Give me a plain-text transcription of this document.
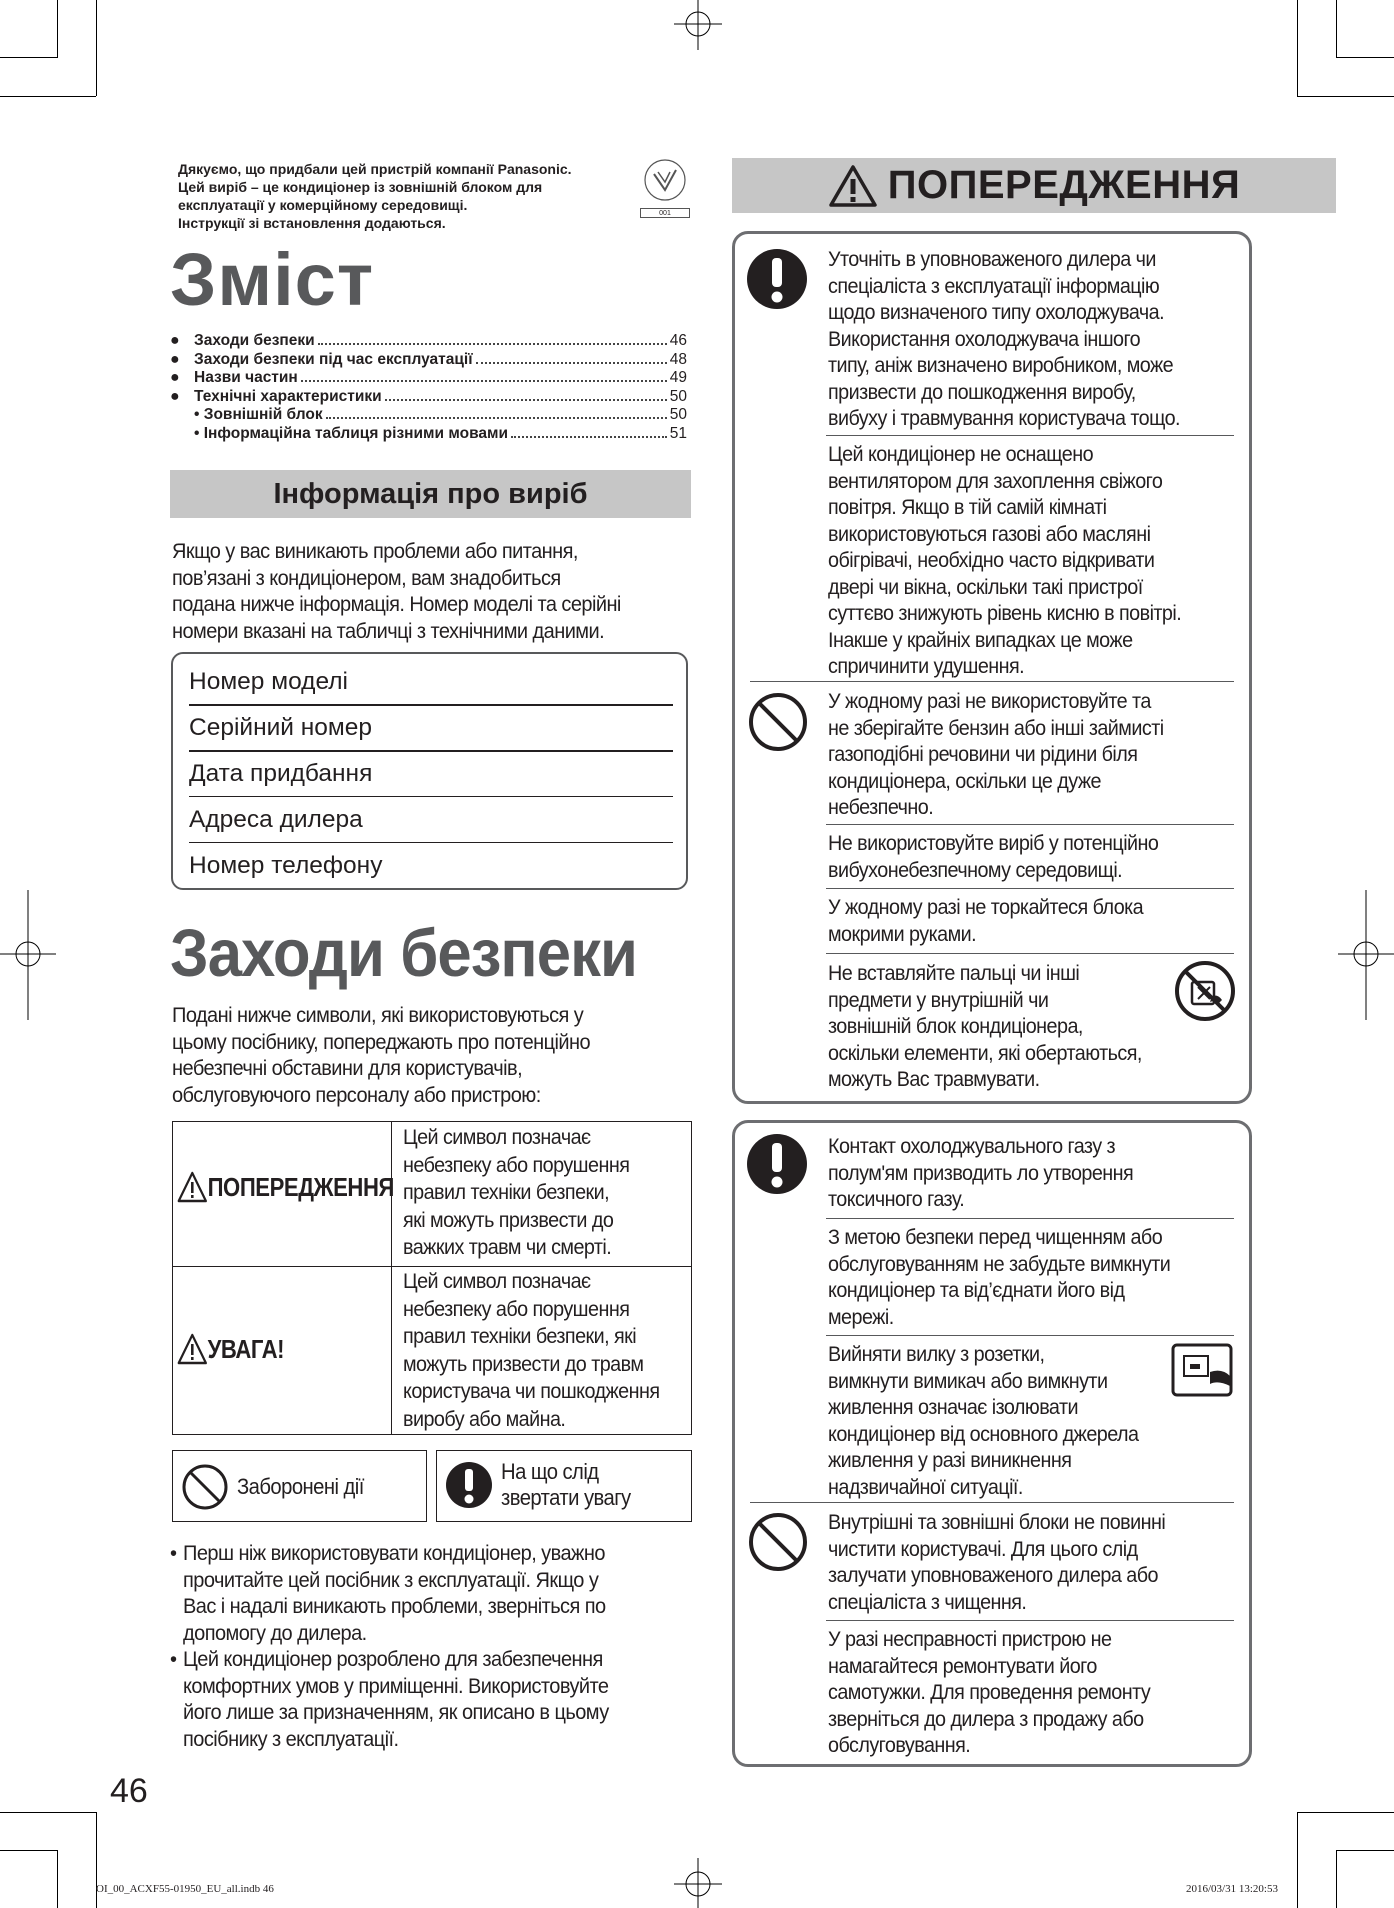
Дякуємо, що придбали цей пристрій компанії Panasonic.
Цей виріб – це кондиціонер із зовнішній блоком для
експлуатації у комерційному середовищі.
Інструкції зі встановлення додаються.
001
Зміст
● Заходи безпеки	46
● Заходи безпеки під час експлуатації	48
● Назви частин	49
● Технічні характеристики	50
• Зовнішній блок	50
• Інформаційна таблиця різними мовами	51
Інформація про виріб
Якщо у вас виникають проблеми або питання,
пов’язані з кондиціонером, вам знадобиться
подана нижче інформація. Номер моделі та серійні
номери вказані на табличці з технічними даними.
Номер моделі
Серійний номер
Дата придбання
Адреса дилера
Номер телефону
Заходи безпеки
Подані нижче символи, які використовуються у
цьому посібнику, попереджають про потенційно
небезпечні обставини для користувачів,
обслуговуючого персоналу або пристрою:
ПОПЕРЕДЖЕННЯ
Цей символ позначає
небезпеку або порушення
правил техніки безпеки,
які можуть призвести до
важких травм чи смерті.
УВАГА!
Цей символ позначає
небезпеку або порушення
правил техніки безпеки, які
можуть призвести до травм
користувача чи пошкодження
виробу або майна.
Заборонені дії
На що слід
звертати увагу
• Перш ніж використовувати кондиціонер, уважно
прочитайте цей посібник з експлуатації. Якщо у
Вас і надалі виникають проблеми, зверніться по
допомогу до дилера.
• Цей кондиціонер розроблено для забезпечення
комфортних умов у приміщенні. Використовуйте
його лише за призначенням, як описано в цьому
посібнику з експлуатації.
46
ПОПЕРЕДЖЕННЯ
Уточніть в уповноваженого дилера чи
спеціаліста з експлуатації інформацію
щодо визначеного типу охолоджувача.
Використання охолоджувача іншого
типу, аніж визначено виробником, може
призвести до пошкодження виробу,
вибуху і травмування користувача тощо.
Цей кондиціонер не оснащено
вентилятором для захоплення свіжого
повітря. Якщо в тій самій кімнаті
використовуються газові або масляні
обігрівачі, необхідно часто відкривати
двері чи вікна, оскільки такі пристрої
суттєво знижують рівень кисню в повітрі.
Інакше у крайніх випадках це може
спричинити удушення.
У жодному разі не використовуйте та
не зберігайте бензин або інші займисті
газоподібні речовини чи рідини біля
кондиціонера, оскільки це дуже
небезпечно.
Не використовуйте виріб у потенційно
вибухонебезпечному середовищі.
У жодному разі не торкайтеся блока
мокрими руками.
Не вставляйте пальці чи інші
предмети у внутрішній чи
зовнішній блок кондиціонера,
оскільки елементи, які обертаються,
можуть Вас травмувати.
Контакт охолоджувального газу з
полум'ям призводить ло утворення
токсичного газу.
З метою безпеки перед чищенням або
обслуговуванням не забудьте вимкнути
кондиціонер та від’єднати його від
мережі.
Вийняти вилку з розетки,
вимкнути вимикач або вимкнути
живлення означає ізолювати
кондиціонер від основного джерела
живлення у разі виникнення
надзвичайної ситуації.
Внутрішні та зовнішні блоки не повинні
чистити користувачі. Для цього слід
залучати уповноваженого дилера або
спеціаліста з чищення.
У разі несправності пристрою не
намагайтеся ремонтувати його
самотужки. Для проведення ремонту
зверніться до дилера з продажу або
обслуговування.
OI_00_ACXF55-01950_EU_all.indb 46	2016/03/31 13:20:53
